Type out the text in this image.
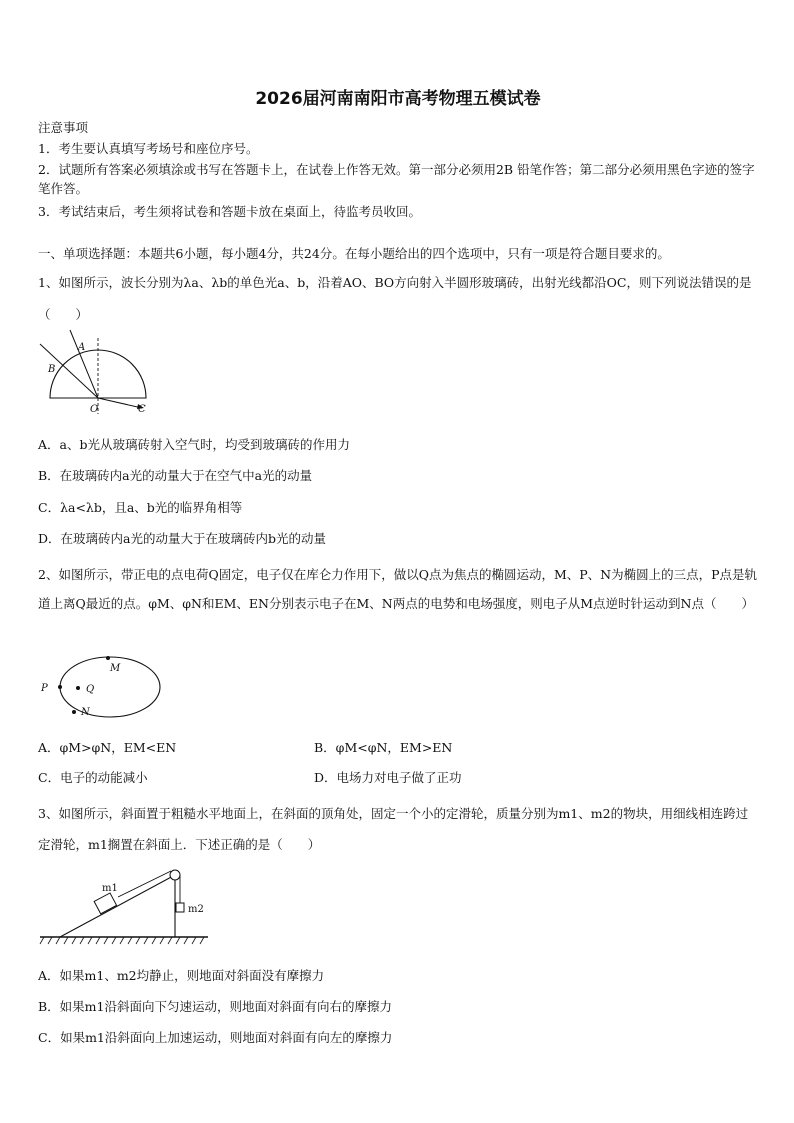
2026届河南南阳市高考物理五模试卷
注意事项
1．考生要认真填写考场号和座位序号。
2．试题所有答案必须填涂或书写在答题卡上，在试卷上作答无效。第一部分必须用2B 铅笔作答；第二部分必须用黑色字迹的签字笔作答。
3．考试结束后，考生须将试卷和答题卡放在桌面上，待监考员收回。
一、单项选择题：本题共6小题，每小题4分，共24分。在每小题给出的四个选项中，只有一项是符合题目要求的。
1、如图所示，波长分别为λa、λb的单色光a、b，沿着AO、BO方向射入半圆形玻璃砖，出射光线都沿OC，则下列说法错误的是（　　）
A
B
O	C
A．a、b光从玻璃砖射入空气时，均受到玻璃砖的作用力
B．在玻璃砖内a光的动量大于在空气中a光的动量
C．λa<λb，且a、b光的临界角相等
D．在玻璃砖内a光的动量大于在玻璃砖内b光的动量
2、如图所示，带正电的点电荷Q固定，电子仅在库仑力作用下，做以Q点为焦点的椭圆运动，M、P、N为椭圆上的三点，P点是轨道上离Q最近的点。φM、φN和EM、EN分别表示电子在M、N两点的电势和电场强度，则电子从M点逆时针运动到N点（　　）
M
P	Q
N
A．φM>φN，EM<EN	B．φM<φN，EM>EN
C．电子的动能减小	D．电场力对电子做了正功
3、如图所示，斜面置于粗糙水平地面上，在斜面的顶角处，固定一个小的定滑轮，质量分别为m1、m2的物块，用细线相连跨过定滑轮，m1搁置在斜面上．下述正确的是（　　）
m1
m2
A．如果m1、m2均静止，则地面对斜面没有摩擦力
B．如果m1沿斜面向下匀速运动，则地面对斜面有向右的摩擦力
C．如果m1沿斜面向上加速运动，则地面对斜面有向左的摩擦力
